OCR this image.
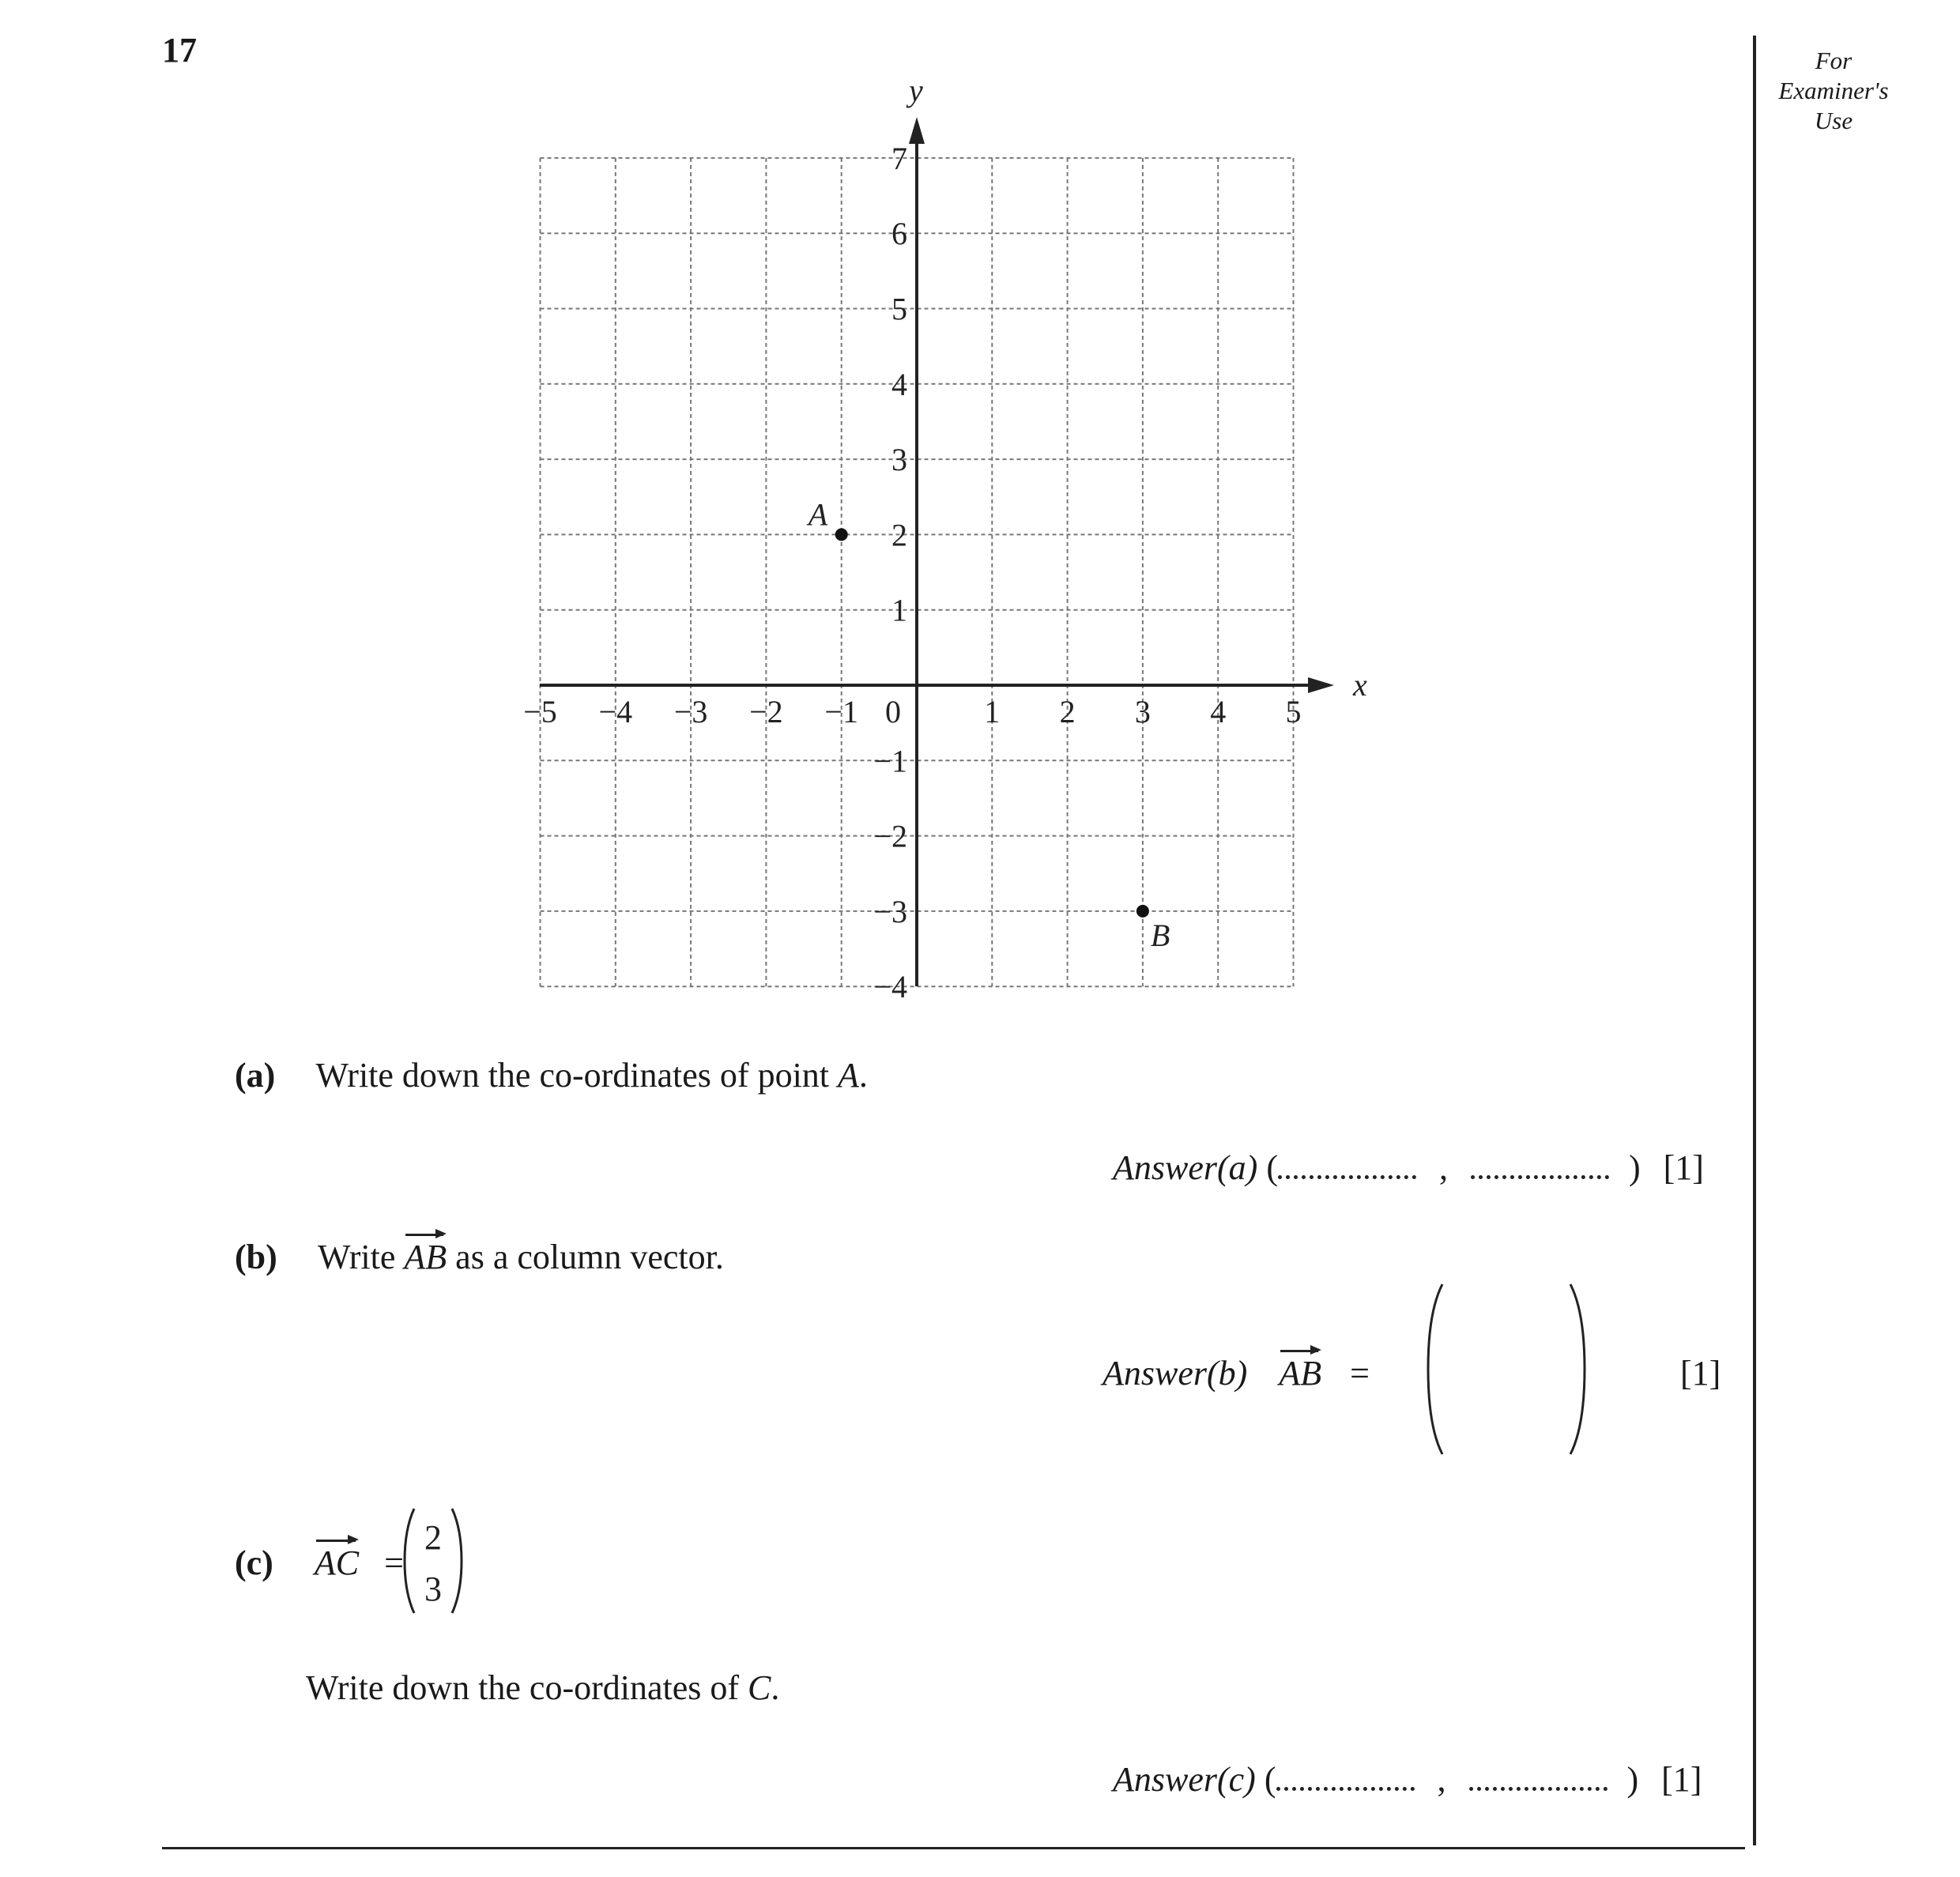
17	For
Examiner's
Use
x
y
−5 −4 −3 −2 −1 0	1 2 3 4 5
7
6
5
4
3
2
1
−1
−2
−3
−4
A
B
(a) Write down the co-ordinates of point A.
Answer(a) (	,	) [1]
(b) Write AB as a column vector.
Answer(b) AB =	[1]
(c) AC =
2
3
Write down the co-ordinates of C.
Answer(c) (	,	) [1]
